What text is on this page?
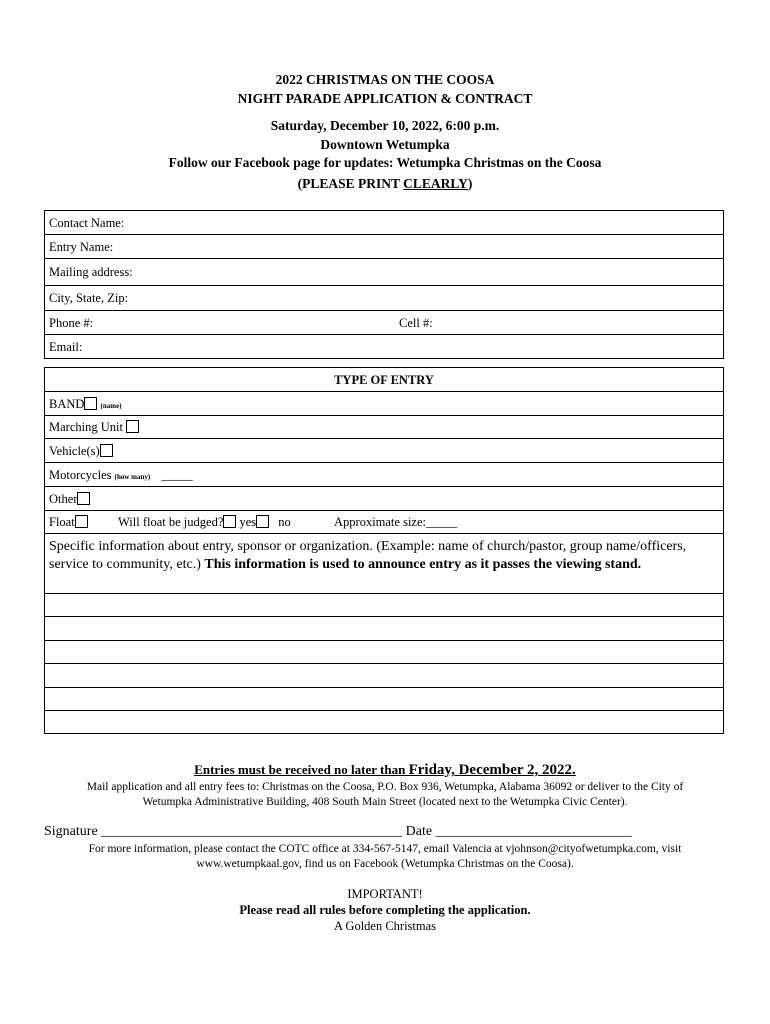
2022 CHRISTMAS ON THE COOSA
NIGHT PARADE APPLICATION & CONTRACT
Saturday, December 10, 2022, 6:00 p.m.
Downtown Wetumpka
Follow our Facebook page for updates: Wetumpka Christmas on the Coosa
(PLEASE PRINT CLEARLY)
Contact Name:
Entry Name:
Mailing address:
City, State, Zip:
Phone #:	Cell #:
Email:
TYPE OF ENTRY
BAND (name)
Marching Unit
Vehicle(s)
Motorcycles (how many) _____
Other
Float	Will float be judged? yes no	Approximate size:_____
Specific information about entry, sponsor or organization. (Example: name of church/pastor, group name/officers, service to community, etc.) This information is used to announce entry as it passes the viewing stand.
Entries must be received no later than Friday, December 2, 2022.
Mail application and all entry fees to: Christmas on the Coosa, P.O. Box 936, Wetumpka, Alabama 36092 or deliver to the City of
Wetumpka Administrative Building, 408 South Main Street (located next to the Wetumpka Civic Center).
Signature ___________________________________________ Date ____________________________
For more information, please contact the COTC office at 334-567-5147, email Valencia at vjohnson@cityofwetumpka.com, visit
www.wetumpkaal.gov, find us on Facebook (Wetumpka Christmas on the Coosa).
IMPORTANT!
Please read all rules before completing the application.
A Golden Christmas
